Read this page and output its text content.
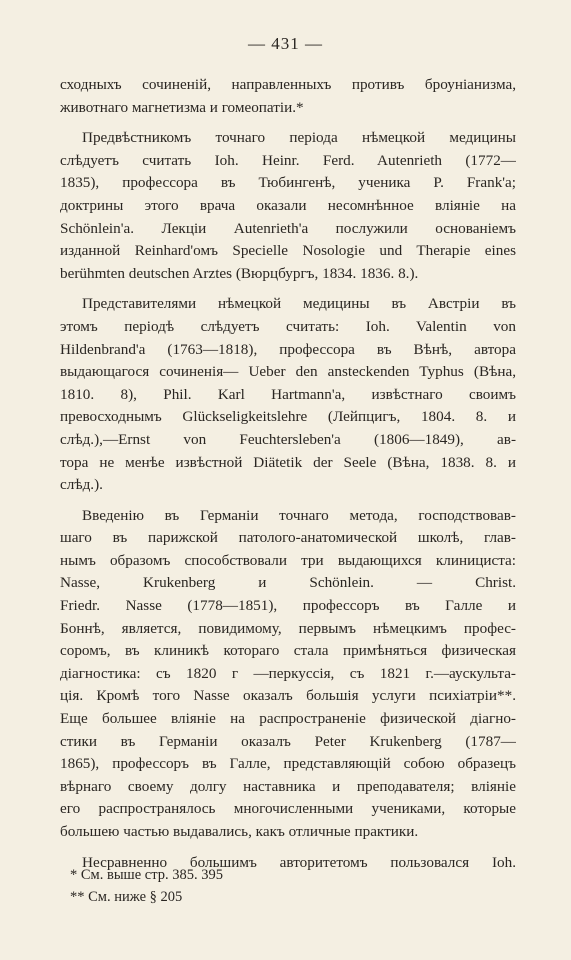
— 431 —
сходныхъ сочиненій, направленныхъ противъ броуніанизма,
животнаго магнетизма и гомеопатіи.*
Предвѣстникомъ точнаго періода нѣмецкой медицины
слѣдуетъ считать Ioh. Heinr. Ferd. Autenrieth (1772—
1835), профессора въ Тюбингенѣ, ученика P. Frank'a;
доктрины этого врача оказали несомнѣнное вліяніе на
Schönlein'a. Лекціи Autenrieth'a послужили основаніемъ
изданной Reinhard'омъ Specielle Nosologie und Therapie eines
berühmten deutschen Arztes (Вюрцбургъ, 1834. 1836. 8.).
Представителями нѣмецкой медицины въ Австріи въ
этомъ періодѣ слѣдуетъ считать: Ioh. Valentin von
Hildenbrand'a (1763—1818), профессора въ Вѣнѣ, автора
выдающагося сочиненія— Ueber den ansteckenden Typhus (Вѣна,
1810. 8), Phil. Karl Hartmann'a, извѣстнаго своимъ
превосходнымъ Glückseligkeitslehre (Лейпцигъ, 1804. 8. и
слѣд.),—Ernst von Feuchtersleben'a (1806—1849), ав-
тора не менѣе извѣстной Diätetik der Seele (Вѣна, 1838. 8. и
слѣд.).
Введенію въ Германіи точнаго метода, господствовав-
шаго въ парижской патолого-анатомической школѣ, глав-
нымъ образомъ способствовали три выдающихся клинициста:
Nasse, Krukenberg и Schönlein. — Christ.
Friedr. Nasse (1778—1851), профессоръ въ Галле и
Боннѣ, является, повидимому, первымъ нѣмецкимъ профес-
соромъ, въ клиникѣ котораго стала примѣняться физическая
діагностика: съ 1820 г —перкуссія, съ 1821 г.—аускульта-
ція. Кромѣ того Nasse оказалъ большія услуги психіатріи**.
Еще большее вліяніе на распространеніе физической діагно-
стики въ Германіи оказалъ Peter Krukenberg (1787—
1865), профессоръ въ Галле, представляющій собою образецъ
вѣрнаго своему долгу наставника и преподавателя; вліяніе
его распространялось многочисленными учениками, которые
большею частью выдавались, какъ отличные практики.
Несравненно большимъ авторитетомъ пользовался Ioh.
* См. выше стр. 385. 395
** См. ниже § 205
